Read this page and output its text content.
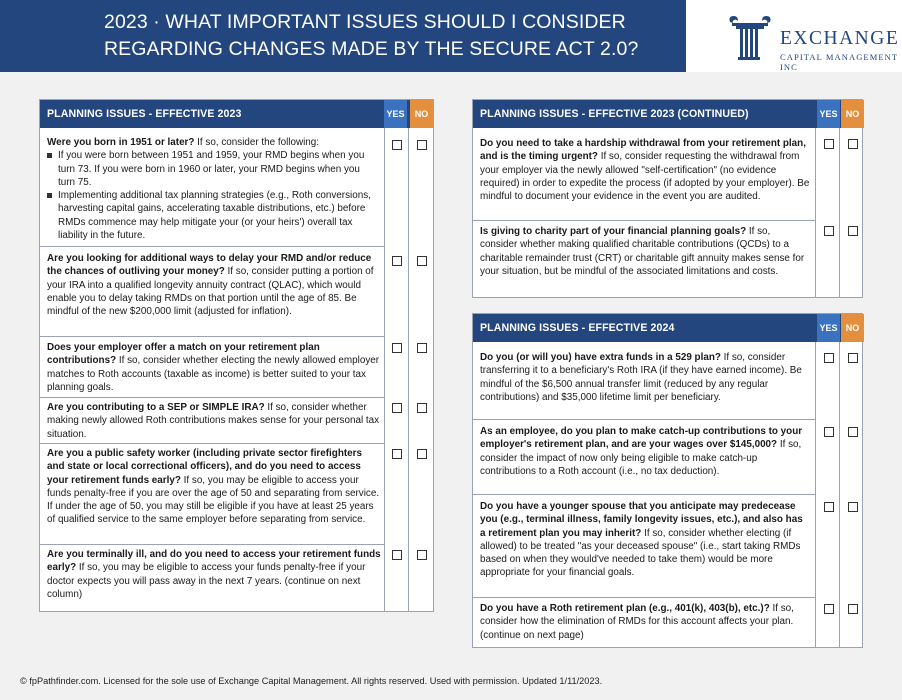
2023 · WHAT IMPORTANT ISSUES SHOULD I CONSIDER
REGARDING CHANGES MADE BY THE SECURE ACT 2.0?	EXCHANGE
CAPITAL MANAGEMENT INC
PLANNING ISSUES - EFFECTIVE 2023	YES	NO
Were you born in 1951 or later? If so, consider the following:
If you were born between 1951 and 1959, your RMD begins when you turn 73. If you were born in 1960 or later, your RMD begins when you turn 75.
Implementing additional tax planning strategies (e.g., Roth conversions, harvesting capital gains, accelerating taxable distributions, etc.) before RMDs commence may help mitigate your (or your heirs') overall tax liability in the future.
Are you looking for additional ways to delay your RMD and/or reduce the chances of outliving your money? If so, consider putting a portion of your IRA into a qualified longevity annuity contract (QLAC), which would enable you to delay taking RMDs on that portion until the age of 85. Be mindful of the new $200,000 limit (adjusted for inflation).
Does your employer offer a match on your retirement plan contributions? If so, consider whether electing the newly allowed employer matches to Roth accounts (taxable as income) is better suited to your tax planning goals.
Are you contributing to a SEP or SIMPLE IRA? If so, consider whether making newly allowed Roth contributions makes sense for your personal tax situation.
Are you a public safety worker (including private sector firefighters and state or local correctional officers), and do you need to access your retirement funds early? If so, you may be eligible to access your funds penalty-free if you are over the age of 50 and separating from service. If under the age of 50, you may still be eligible if you have at least 25 years of qualified service to the same employer before separating from service.
Are you terminally ill, and do you need to access your retirement funds early? If so, you may be eligible to access your funds penalty-free if your doctor expects you will pass away in the next 7 years. (continue on next column)
PLANNING ISSUES - EFFECTIVE 2023 (CONTINUED)	YES NO
Do you need to take a hardship withdrawal from your retirement plan, and is the timing urgent? If so, consider requesting the withdrawal from your employer via the newly allowed "self-certification" (no evidence required) in order to expedite the process (if adopted by your employer). Be mindful to document your evidence in the event you are audited.
Is giving to charity part of your financial planning goals? If so, consider whether making qualified charitable contributions (QCDs) to a charitable remainder trust (CRT) or charitable gift annuity makes sense for your situation, but be mindful of the associated limitations and costs.
PLANNING ISSUES - EFFECTIVE 2024	YES NO
Do you (or will you) have extra funds in a 529 plan? If so, consider transferring it to a beneficiary's Roth IRA (if they have earned income). Be mindful of the $6,500 annual transfer limit (reduced by any regular contributions) and $35,000 lifetime limit per beneficiary.
As an employee, do you plan to make catch-up contributions to your employer's retirement plan, and are your wages over $145,000? If so, consider the impact of now only being eligible to make catch-up contributions to a Roth account (i.e., no tax deduction).
Do you have a younger spouse that you anticipate may predecease you (e.g., terminal illness, family longevity issues, etc.), and also has a retirement plan you may inherit? If so, consider whether electing (if allowed) to be treated "as your deceased spouse" (i.e., start taking RMDs based on when they would've needed to take them) would be more appropriate for your financial goals.
Do you have a Roth retirement plan (e.g., 401(k), 403(b), etc.)? If so, consider how the elimination of RMDs for this account affects your plan. (continue on next page)
© fpPathfinder.com. Licensed for the sole use of Exchange Capital Management. All rights reserved. Used with permission. Updated 1/11/2023.
